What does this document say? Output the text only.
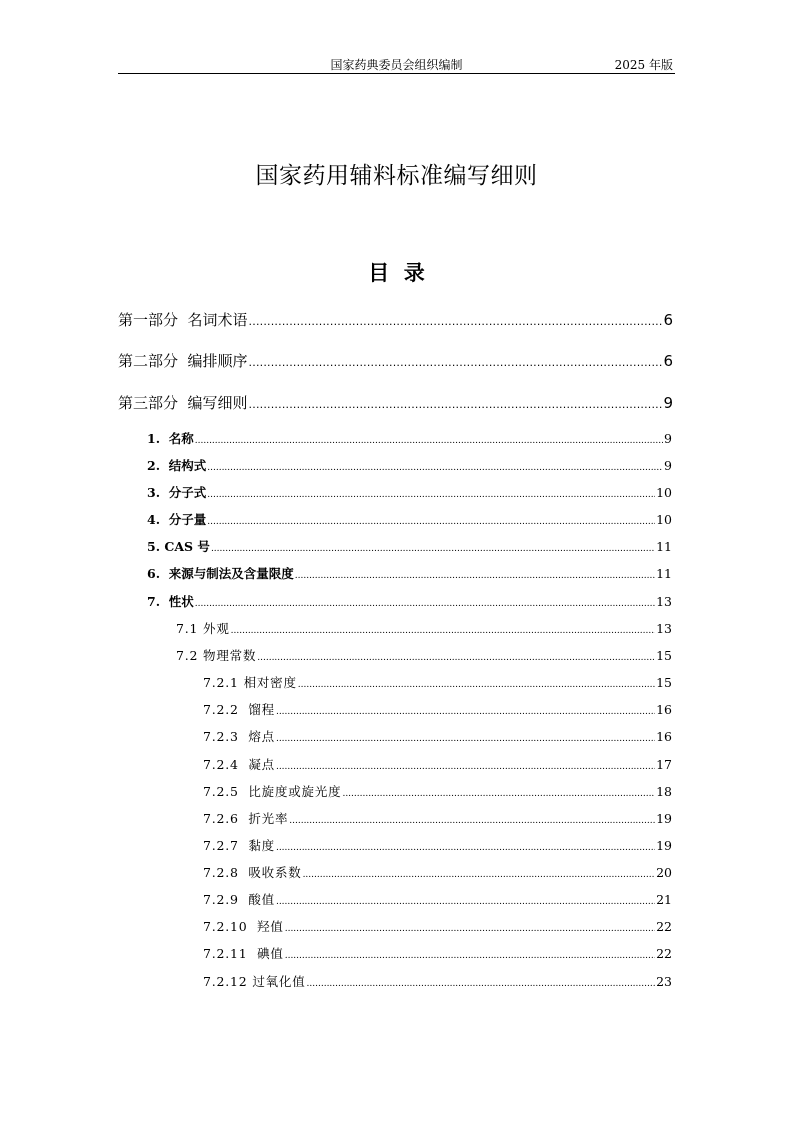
国家药典委员会组织编制	2025 年版
国家药用辅料标准编写细则
目  录
第一部分  名词术语 .....	6
第二部分  编排顺序 .....	6
第三部分  编写细则 .....	9
1.  名称 .....	9
2.  结构式 .....	9
3.  分子式 .....	10
4.  分子量 .....	10
5. CAS 号 .....	11
6.  来源与制法及含量限度 .....	11
7.  性状 .....	13
7.1 外观 .....	13
7.2 物理常数 .....	15
7.2.1 相对密度 .....	15
7.2.2  馏程 .....	16
7.2.3  熔点 .....	16
7.2.4  凝点 .....	17
7.2.5  比旋度或旋光度 .....	18
7.2.6  折光率 .....	19
7.2.7  黏度 .....	19
7.2.8  吸收系数 .....	20
7.2.9  酸值 .....	21
7.2.10  羟值 .....	22
7.2.11  碘值 .....	22
7.2.12 过氧化值 .....	23
